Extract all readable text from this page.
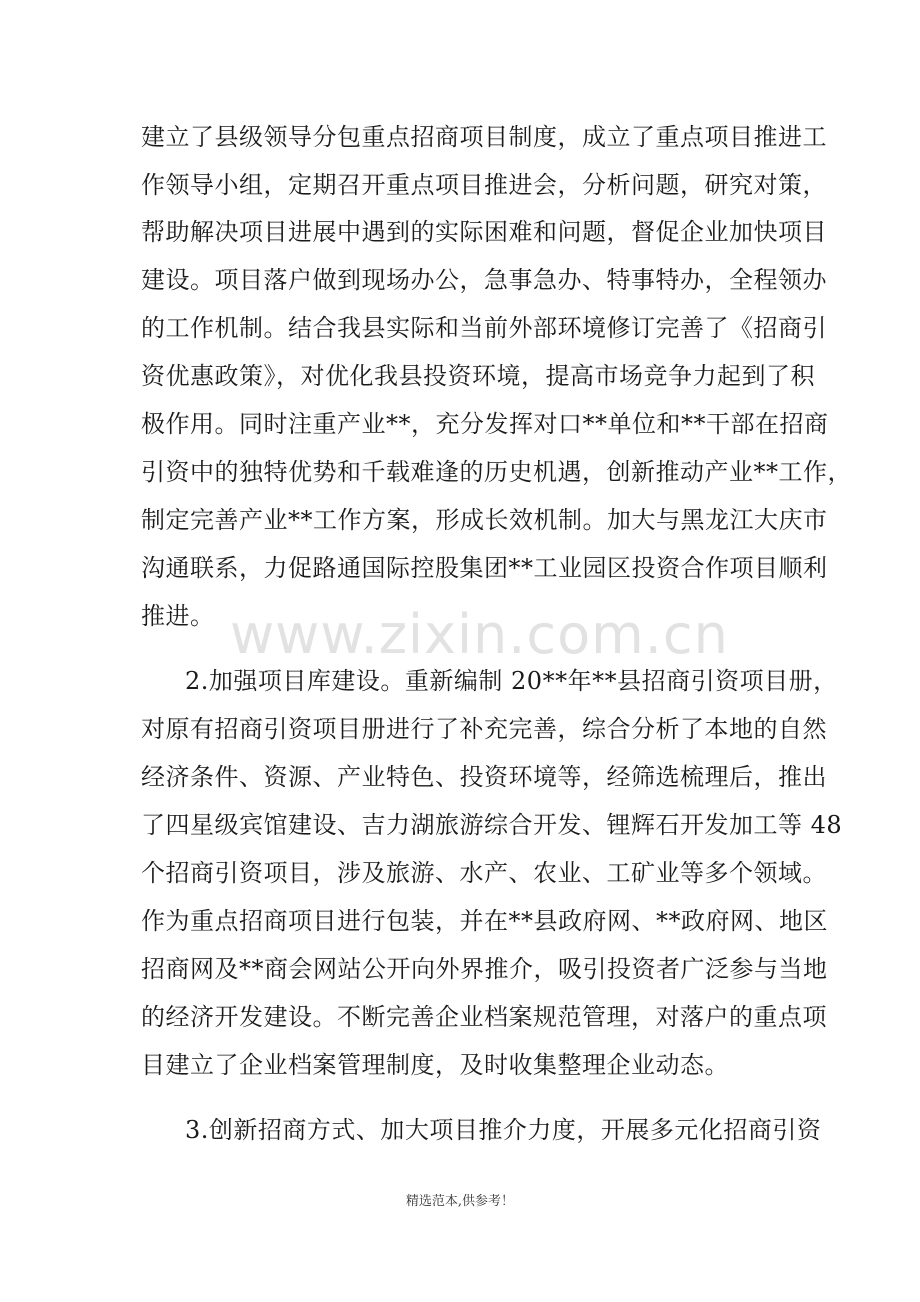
建立了县级领导分包重点招商项目制度，成立了重点项目推进工
作领导小组，定期召开重点项目推进会，分析问题，研究对策，
帮助解决项目进展中遇到的实际困难和问题，督促企业加快项目
建设。项目落户做到现场办公，急事急办、特事特办，全程领办
的工作机制。结合我县实际和当前外部环境修订完善了《招商引
资优惠政策》，对优化我县投资环境，提高市场竞争力起到了积
极作用。同时注重产业**，充分发挥对口**单位和**干部在招商
引资中的独特优势和千载难逢的历史机遇，创新推动产业**工作，
制定完善产业**工作方案，形成长效机制。加大与黑龙江大庆市
沟通联系，力促路通国际控股集团**工业园区投资合作项目顺利
推进。 www.zixin.com.cn
2.加强项目库建设。重新编制 20**年**县招商引资项目册，
对原有招商引资项目册进行了补充完善，综合分析了本地的自然
经济条件、资源、产业特色、投资环境等，经筛选梳理后，推出
了四星级宾馆建设、吉力湖旅游综合开发、锂辉石开发加工等 48
个招商引资项目，涉及旅游、水产、农业、工矿业等多个领域。
作为重点招商项目进行包装，并在**县政府网、**政府网、地区
招商网及**商会网站公开向外界推介，吸引投资者广泛参与当地
的经济开发建设。不断完善企业档案规范管理，对落户的重点项
目建立了企业档案管理制度，及时收集整理企业动态。
3.创新招商方式、加大项目推介力度，开展多元化招商引资
精选范本,供参考！
